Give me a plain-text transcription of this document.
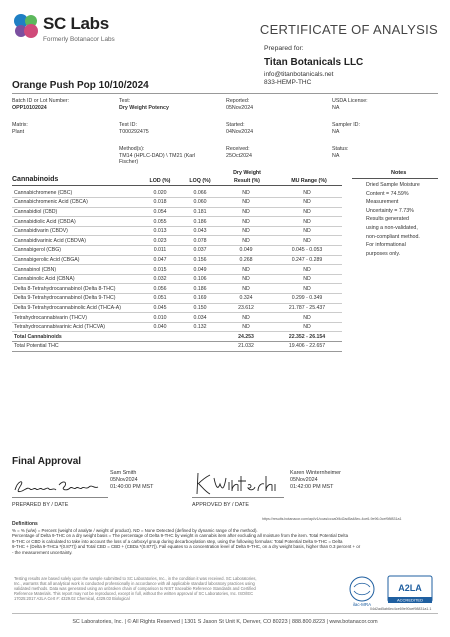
SC Labs
Formerly Botanacor Labs
CERTIFICATE OF ANALYSIS
Prepared for:
Titan Botanicals LLC
info@titanbotanicals.net
833-HEMP-THC
Orange Push Pop 10/10/2024
Batch ID or Lot Number:
OPP10102024
Test:
Dry Weight Potency
Reported:
05Nov2024
USDA License:
NA
Matrix:
Plant
Test ID:
T000292475
Started:
04Nov2024
Sampler ID:
NA
Method(s):
TM14 (HPLC-DAD) \ TM21 (Karl
Fischer)
Received:
25Oct2024
Status:
NA
Cannabinoids	LOD (%)	LOQ (%)
Dry Weight
Result (%)	MU Range (%)
Cannabichromene (CBC)	0.020	0.066	ND	ND
Cannabichromenic Acid (CBCA)	0.018	0.060	ND	ND
Cannabidiol (CBD)	0.054	0.181	ND	ND
Cannabidiolic Acid (CBDA)	0.055	0.186	ND	ND
Cannabidivarin (CBDV)	0.013	0.043	ND	ND
Cannabidivarinic Acid (CBDVA)	0.023	0.078	ND	ND
Cannabigerol (CBG)	0.011	0.037	0.049	0.045 - 0.053
Cannabigerolic Acid (CBGA)	0.047	0.156	0.268	0.247 - 0.289
Cannabinol (CBN)	0.015	0.049	ND	ND
Cannabinolic Acid (CBNA)	0.032	0.106	ND	ND
Delta 8-Tetrahydrocannabinol (Delta 8-THC)	0.056	0.186	ND	ND
Delta 9-Tetrahydrocannabinol (Delta 9-THC)	0.051	0.169	0.324	0.299 - 0.349
Delta 9-Tetrahydrocannabinolic Acid (THCA-A)	0.045	0.150	23.612	21.787 - 25.437
Tetrahydrocannabivarin (THCV)	0.010	0.034	ND	ND
Tetrahydrocannabivarinic Acid (THCVA)	0.040	0.132	ND	ND
Total Cannabinoids			24.253	22.352 - 26.154
Total Potential THC			21.032	19.406 - 22.657
Notes
Dried Sample Moisture
Content = 74.59%
Measurement
Uncertainty = 7.73%
Results generated
using a non-validated,
non-compliant method.
For informational
purposes only.
Final Approval
PREPARED BY / DATE
Sam Smith
05Nov2024
01:40:00 PM MST
APPROVED BY / DATE
Karen Winternheimer
05Nov2024
01:42:00 PM MST
https://results.botanacor.com/api/v1/coas/ccca0f4d2ad5a48ec-4ce6-9e96-0cef98f831a1
Definitions
% = % (w/w) = Percent (weight of analyte / weight of product). ND = None Detected (defined by dynamic range of the method).
Percentage of Delta 9-THC on a dry weight basis = The percentage of Delta 9-THC by weight in cannabis item after excluding all moisture from the item. Total Potential Delta
9-THC or CBD is calculated to take into account the loss of a carboxyl group during decarboxylation step, using the following formulas: Total Potential Delta 9-THC = Delta
9-THC + (Delta 9-THCa *(0.877)) and Total CBD = CBD + (CBDa *(0.877)). Fail equates to a concentration level of Delta 9-THC, on a dry weight basis, higher than 0.3 percent + or
- the measurement uncertainty.
Testing results are based solely upon the sample submitted to SC Laboratories, Inc., in the condition it was received. SC Laboratories,
Inc., warrants that all analytical work is conducted professionally in accordance with all applicable standard laboratory practices using
validated methods. Data was generated using an unbroken chain of comparison to NIST traceable Reference Standards and Certified
Reference Materials. This report may not be reproduced, except in full, without the written approval of SC Laboratories, Inc. ISO/IEC
17025:2017 A2LA Cert #: 4329.02 Chemical, 4329.03 Biological
ilac-MRA
A2LA
ACCREDITED
04d2ad5ab6ec4ce69e90cef98831a1.1
SC Laboratories, Inc. | © All Rights Reserved | 1301 S Jason St Unit K, Denver, CO 80223 | 888.800.8223 | www.botanacor.com
